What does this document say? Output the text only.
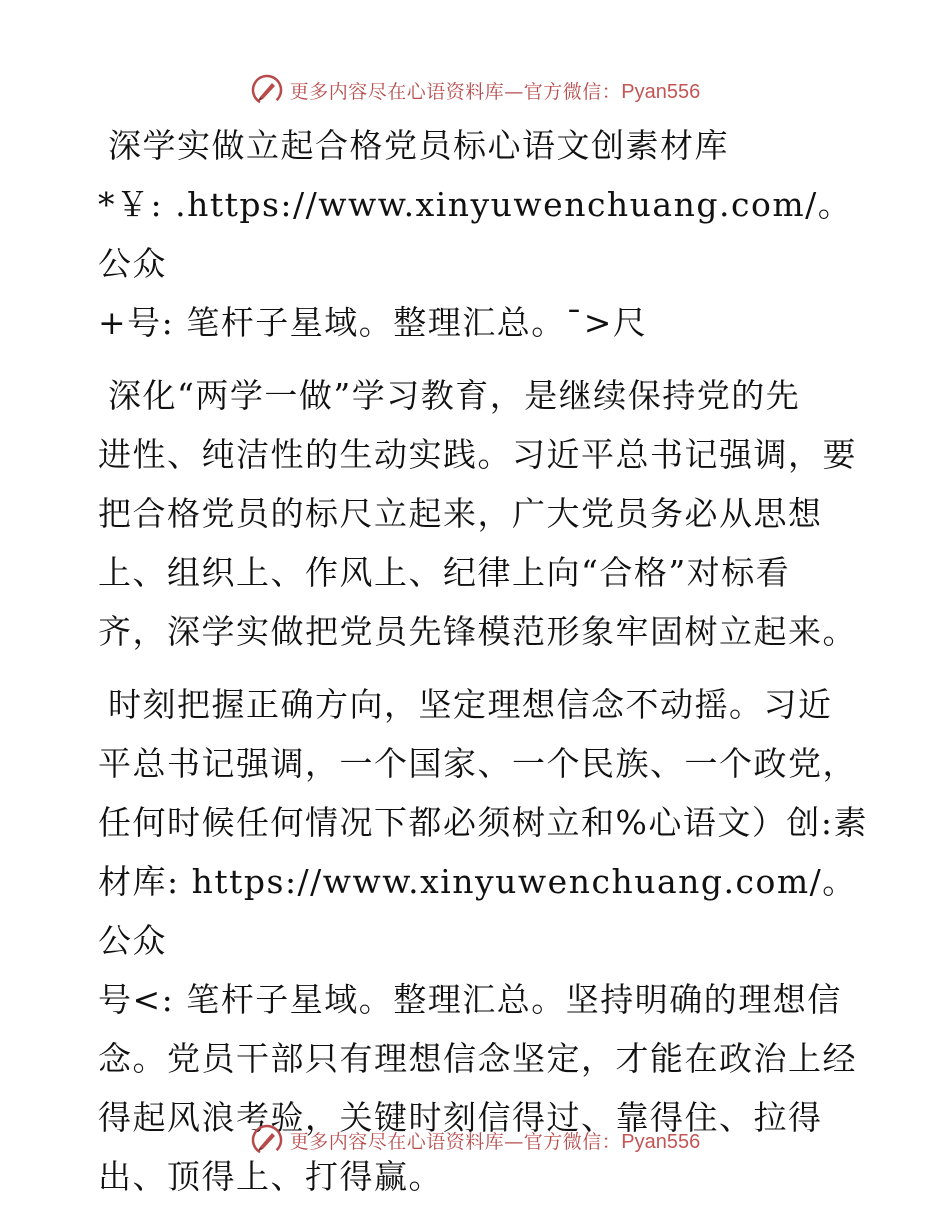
更多内容尽在心语资料库—官方微信：Pyan556

深学实做立起合格党员标心语文创素材库
*￥: .https://www.xinyuwenchuang.com/。公众
+号: 笔杆子星域。整理汇总。¯>尺

深化“两学一做”学习教育，是继续保持党的先
进性、纯洁性的生动实践。习近平总书记强调，要
把合格党员的标尺立起来，广大党员务必从思想
上、组织上、作风上、纪律上向“合格”对标看
齐，深学实做把党员先锋模范形象牢固树立起来。

时刻把握正确方向，坚定理想信念不动摇。习近
平总书记强调，一个国家、一个民族、一个政党，
任何时候任何情况下都必须树立和%心语文）创:素
材库: https://www.xinyuwenchuang.com/。公众
号<: 笔杆子星域。整理汇总。坚持明确的理想信
念。党员干部只有理想信念坚定，才能在政治上经
得起风浪考验，关键时刻信得过、靠得住、拉得
出、顶得上、打得赢。

更多内容尽在心语资料库—官方微信：Pyan556
